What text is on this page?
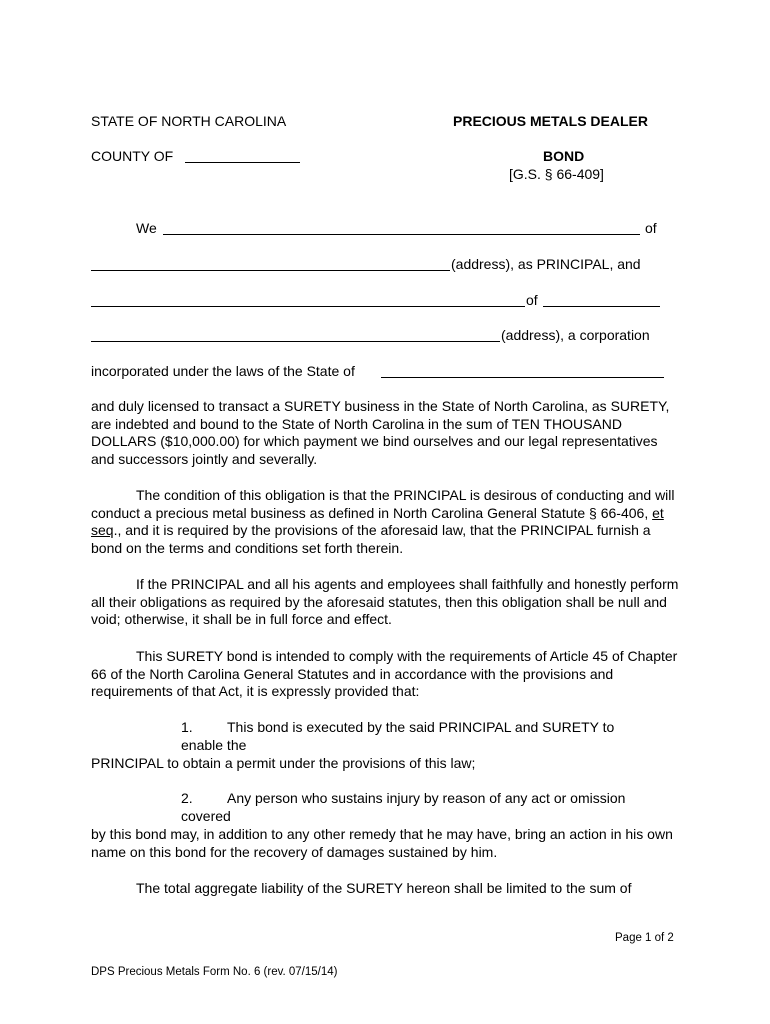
STATE OF NORTH CAROLINA	PRECIOUS METALS DEALER
COUNTY OF	BOND
[G.S. § 66-409]
We	of
(address), as PRINCIPAL, and
of
(address), a corporation
incorporated under the laws of the State of
and duly licensed to transact a SURETY business in the State of North Carolina, as SURETY, are indebted and bound to the State of North Carolina in the sum of TEN THOUSAND DOLLARS ($10,000.00) for which payment we bind ourselves and our legal representatives and successors jointly and severally.
The condition of this obligation is that the PRINCIPAL is desirous of conducting and will conduct a precious metal business as defined in North Carolina General Statute § 66-406, et  seq., and it is required by the provisions of the aforesaid law, that the PRINCIPAL furnish a bond on the terms and conditions set forth therein.
If the PRINCIPAL and all his agents and employees shall faithfully and honestly perform all their obligations as required by the aforesaid statutes, then this obligation shall be null and void; otherwise, it shall be in full force and effect.
This SURETY bond is intended to comply with the requirements of Article 45 of Chapter 66 of the North Carolina General Statutes and in accordance with the provisions and requirements of that Act, it is expressly provided that:
1. This bond is executed by the said PRINCIPAL and SURETY to
enable the
PRINCIPAL to obtain a permit under the provisions of this law;
2. Any person who sustains injury by reason of any act or omission
covered
by this bond may, in addition to any other remedy that he may have, bring an action in his own name on this bond for the recovery of damages sustained by him.
The total aggregate liability of the SURETY hereon shall be limited to the sum of
Page 1 of 2
DPS Precious Metals Form No. 6 (rev. 07/15/14)
